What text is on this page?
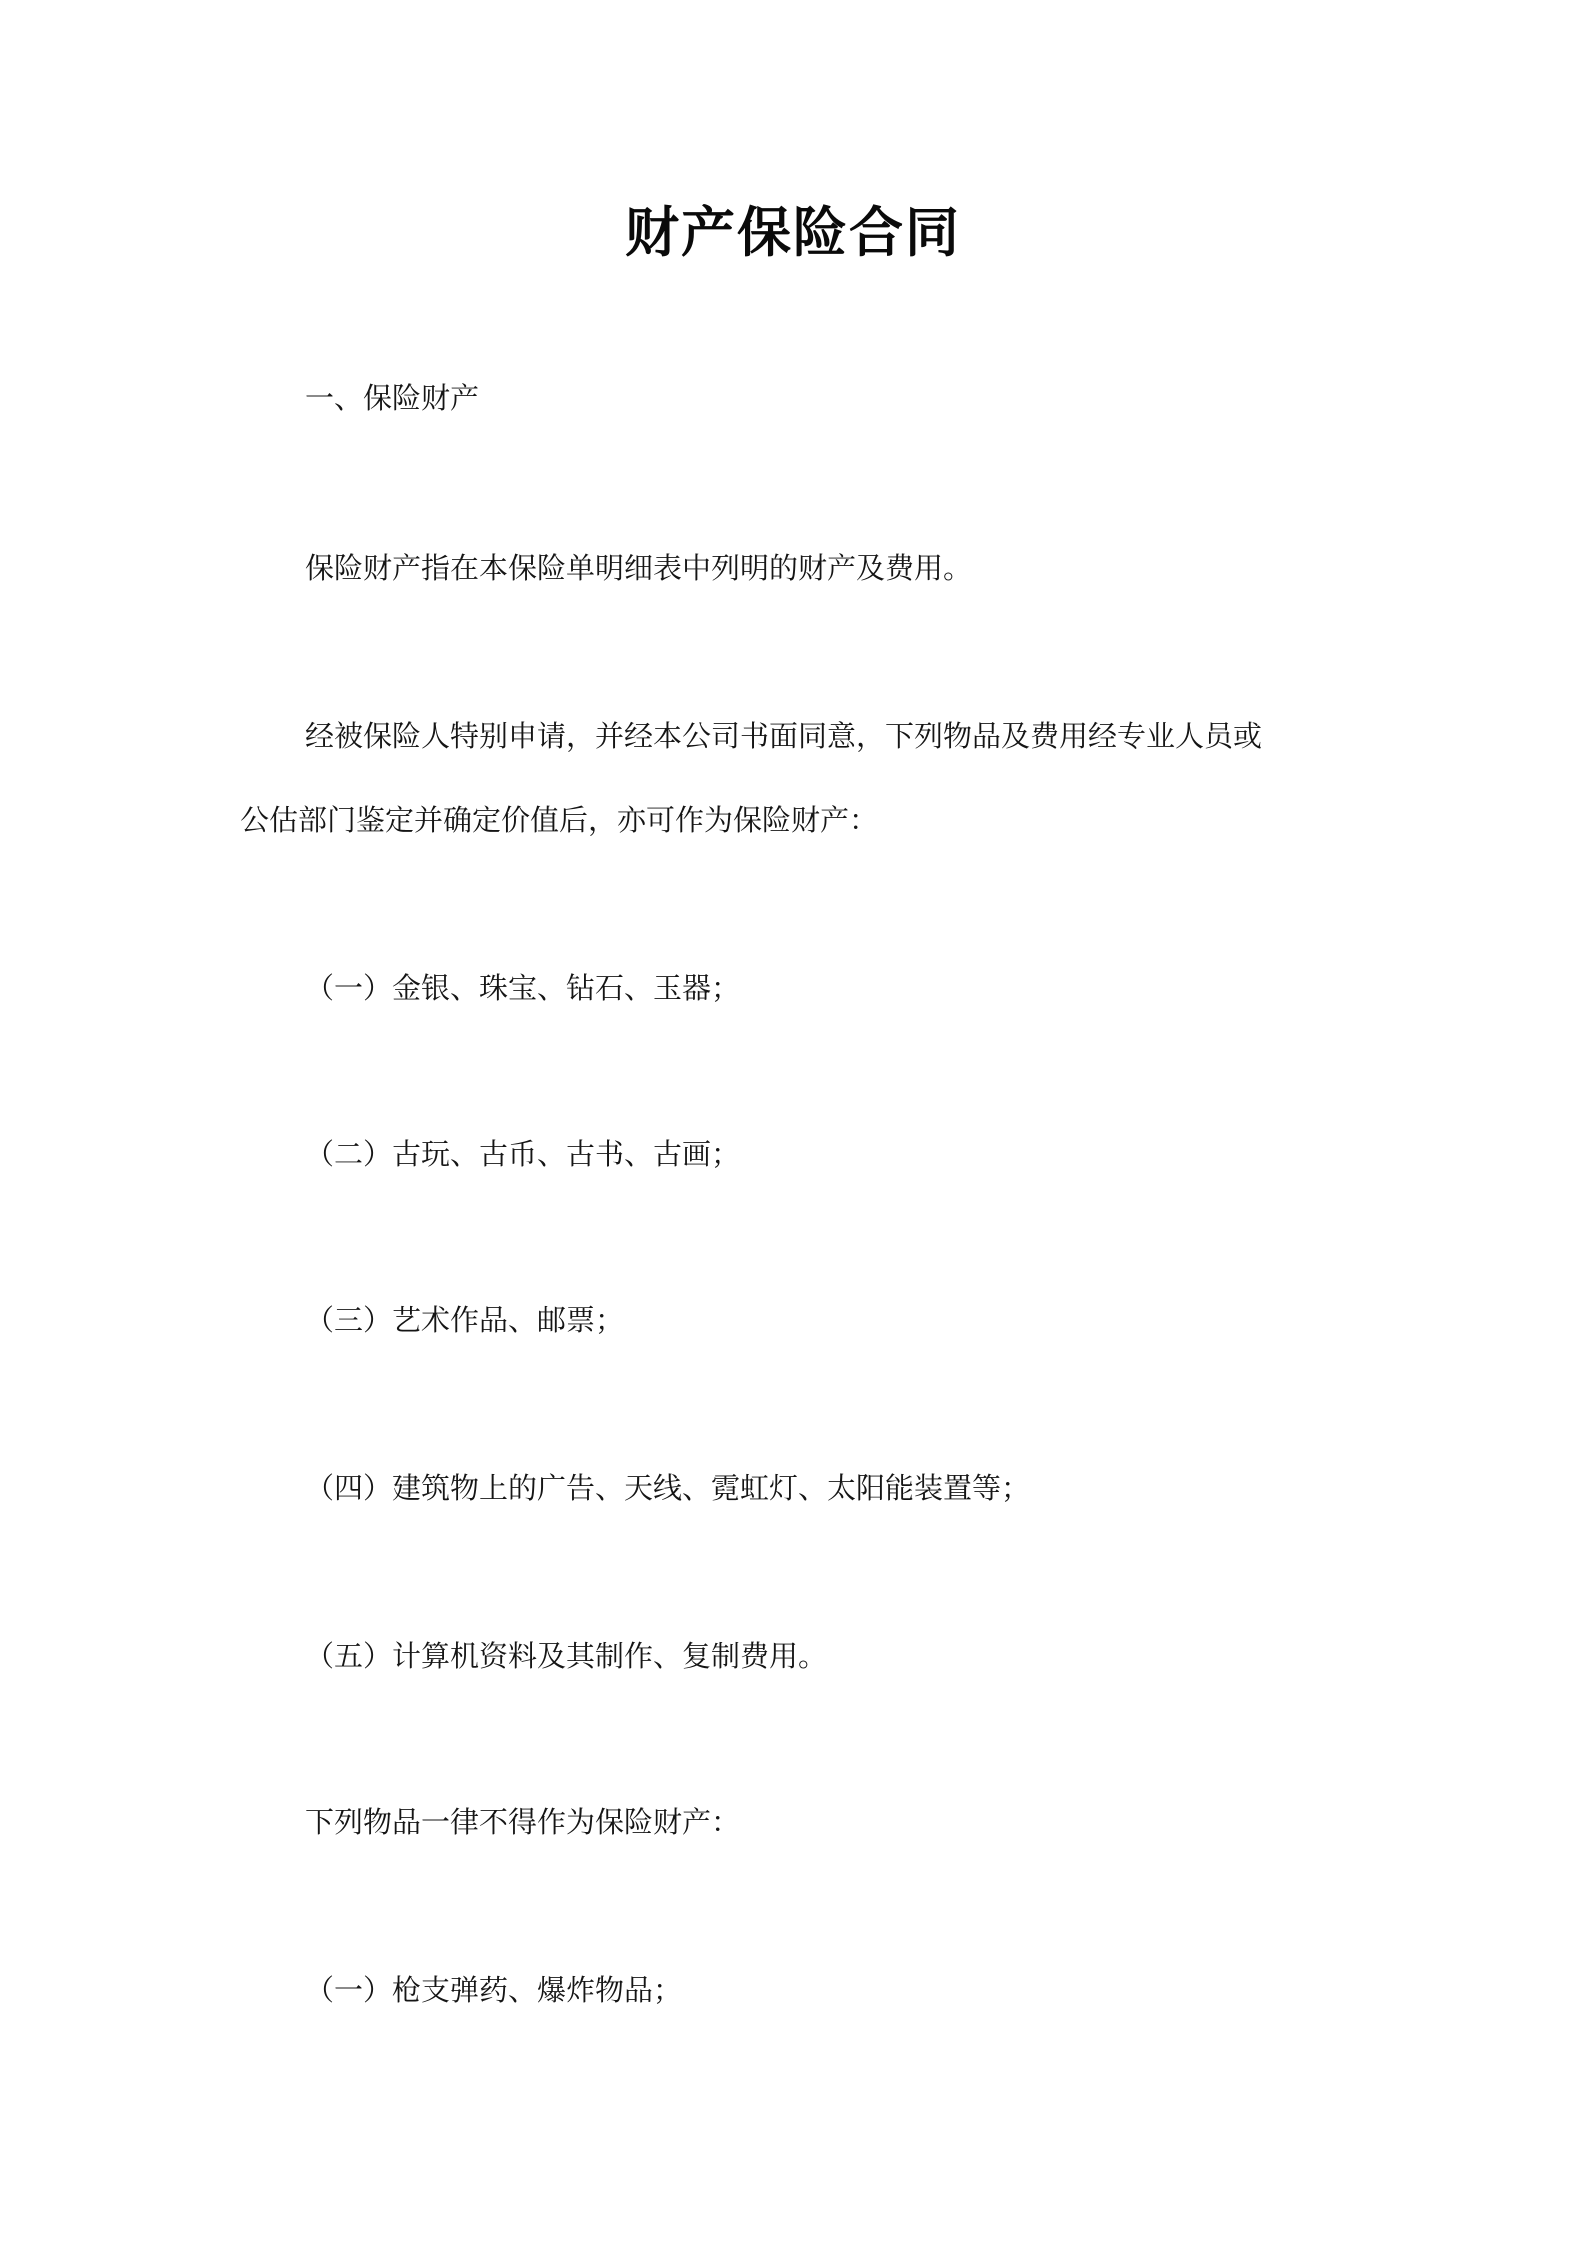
财产保险合同
一、保险财产
保险财产指在本保险单明细表中列明的财产及费用。
经被保险人特别申请，并经本公司书面同意，下列物品及费用经专业人员或
公估部门鉴定并确定价值后，亦可作为保险财产：
（一）金银、珠宝、钻石、玉器；
（二）古玩、古币、古书、古画；
（三）艺术作品、邮票；
（四）建筑物上的广告、天线、霓虹灯、太阳能装置等；
（五）计算机资料及其制作、复制费用。
下列物品一律不得作为保险财产：
（一）枪支弹药、爆炸物品；
